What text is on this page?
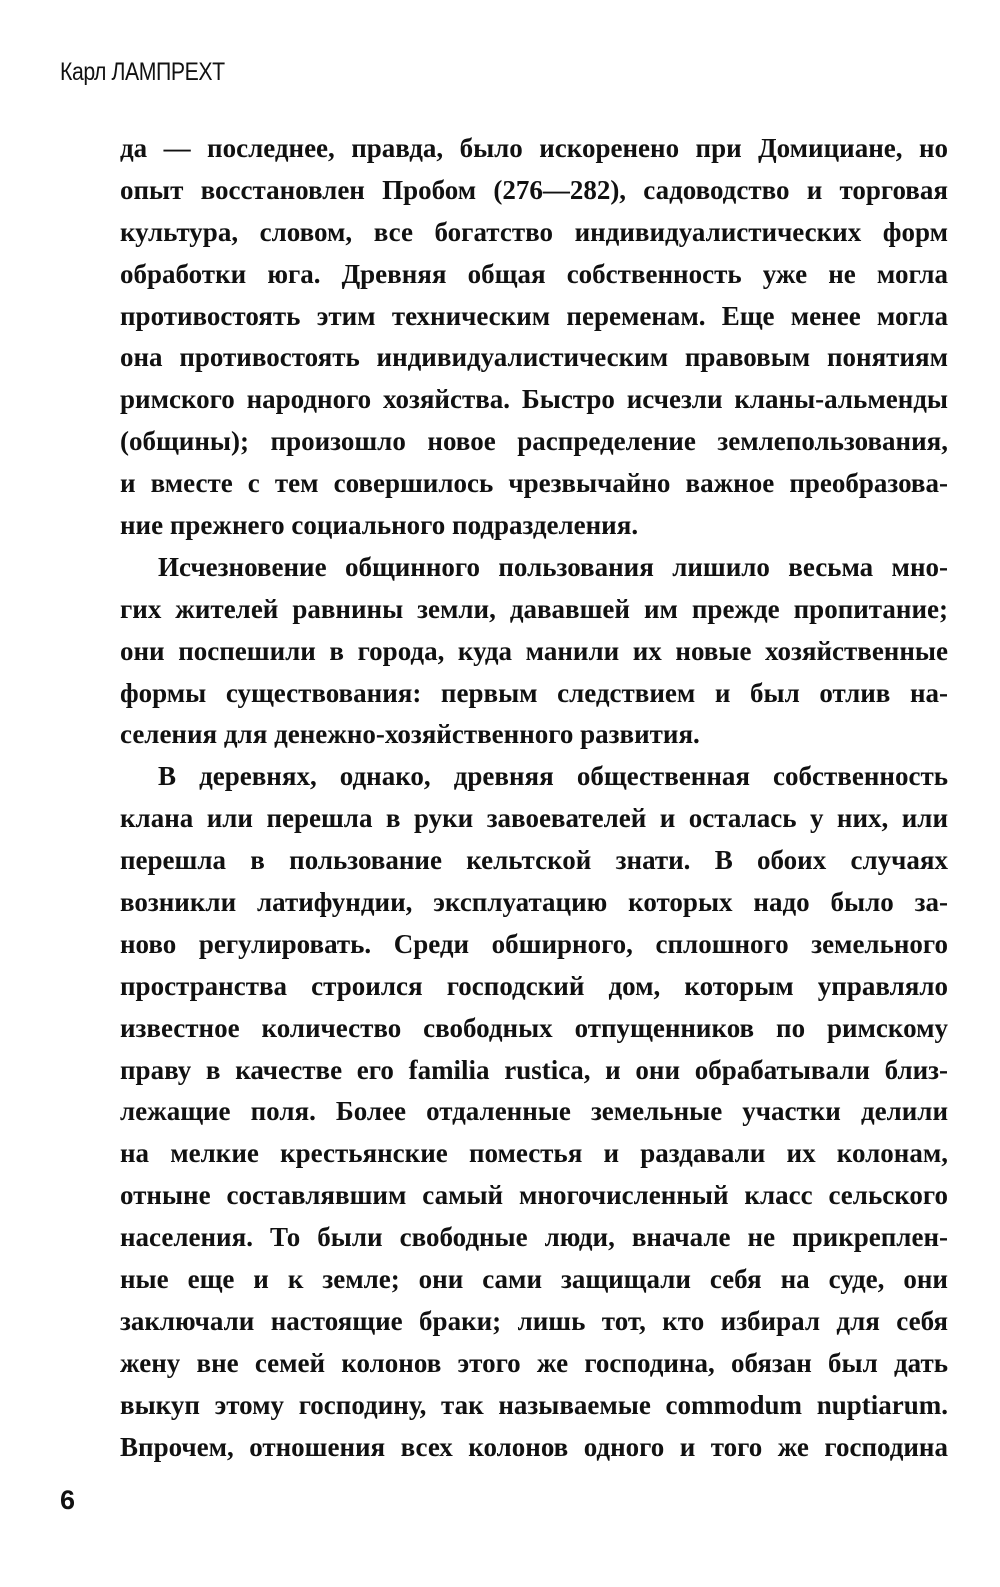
Карл ЛАМПРЕХТ

да — последнее, правда, было искоренено при Домициане, но
опыт восстановлен Пробом (276—282), садоводство и торговая
культура, словом, все богатство индивидуалистических форм
обработки юга. Древняя общая собственность уже не могла
противостоять этим техническим переменам. Еще менее могла
она противостоять индивидуалистическим правовым понятиям
римского народного хозяйства. Быстро исчезли кланы-альменды
(общины); произошло новое распределение землепользования,
и вместе с тем совершилось чрезвычайно важное преобразова-
ние прежнего социального подразделения.

Исчезновение общинного пользования лишило весьма мно-
гих жителей равнины земли, дававшей им прежде пропитание;
они поспешили в города, куда манили их новые хозяйственные
формы существования: первым следствием и был отлив на-
селения для денежно-хозяйственного развития.

В деревнях, однако, древняя общественная собственность
клана или перешла в руки завоевателей и осталась у них, или
перешла в пользование кельтской знати. В обоих случаях
возникли латифундии, эксплуатацию которых надо было за-
ново регулировать. Среди обширного, сплошного земельного
пространства строился господский дом, которым управляло
известное количество свободных отпущенников по римскому
праву в качестве его familia rustica, и они обрабатывали близ-
лежащие поля. Более отдаленные земельные участки делили
на мелкие крестьянские поместья и раздавали их колонам,
отныне составлявшим самый многочисленный класс сельского
населения. То были свободные люди, вначале не прикреплен-
ные еще и к земле; они сами защищали себя на суде, они
заключали настоящие браки; лишь тот, кто избирал для себя
жену вне семей колонов этого же господина, обязан был дать
выкуп этому господину, так называемые commodum nuptiarum.
Впрочем, отношения всех колонов одного и того же господина

6
